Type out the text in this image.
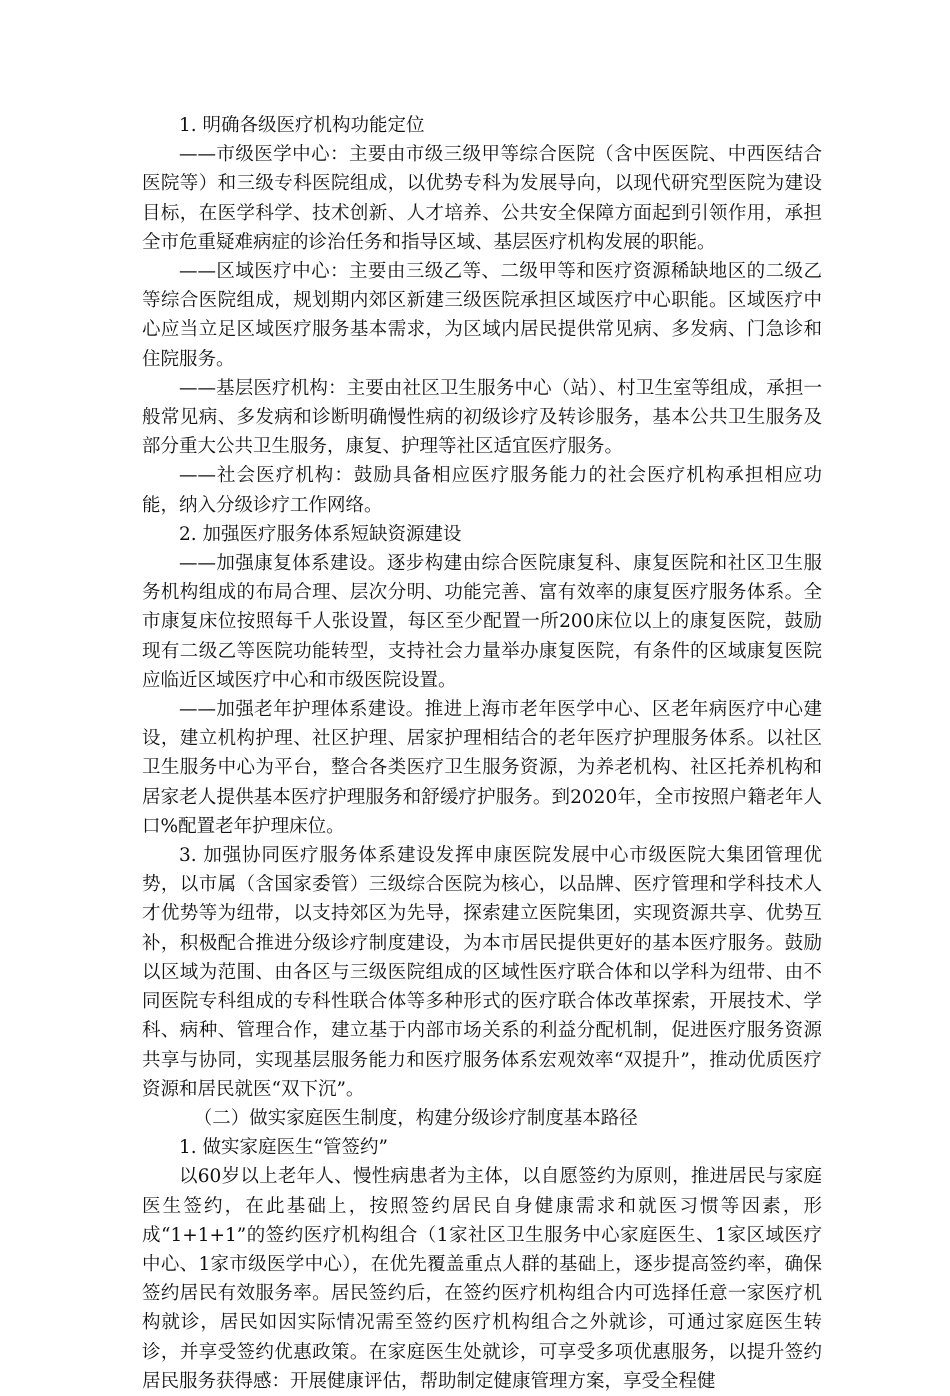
1. 明确各级医疗机构功能定位

——市级医学中心：主要由市级三级甲等综合医院（含中医医院、中西医结合医院等）和三级专科医院组成，以优势专科为发展导向，以现代研究型医院为建设目标，在医学科学、技术创新、人才培养、公共安全保障方面起到引领作用，承担全市危重疑难病症的诊治任务和指导区域、基层医疗机构发展的职能。

——区域医疗中心：主要由三级乙等、二级甲等和医疗资源稀缺地区的二级乙等综合医院组成，规划期内郊区新建三级医院承担区域医疗中心职能。区域医疗中心应当立足区域医疗服务基本需求，为区域内居民提供常见病、多发病、门急诊和住院服务。

——基层医疗机构：主要由社区卫生服务中心（站）、村卫生室等组成，承担一般常见病、多发病和诊断明确慢性病的初级诊疗及转诊服务，基本公共卫生服务及部分重大公共卫生服务，康复、护理等社区适宜医疗服务。

——社会医疗机构：鼓励具备相应医疗服务能力的社会医疗机构承担相应功能，纳入分级诊疗工作网络。

2. 加强医疗服务体系短缺资源建设

——加强康复体系建设。逐步构建由综合医院康复科、康复医院和社区卫生服务机构组成的布局合理、层次分明、功能完善、富有效率的康复医疗服务体系。全市康复床位按照每千人张设置，每区至少配置一所200床位以上的康复医院，鼓励现有二级乙等医院功能转型，支持社会力量举办康复医院，有条件的区域康复医院应临近区域医疗中心和市级医院设置。

——加强老年护理体系建设。推进上海市老年医学中心、区老年病医疗中心建设，建立机构护理、社区护理、居家护理相结合的老年医疗护理服务体系。以社区卫生服务中心为平台，整合各类医疗卫生服务资源，为养老机构、社区托养机构和居家老人提供基本医疗护理服务和舒缓疗护服务。到2020年，全市按照户籍老年人口%配置老年护理床位。

3. 加强协同医疗服务体系建设发挥申康医院发展中心市级医院大集团管理优势，以市属（含国家委管）三级综合医院为核心，以品牌、医疗管理和学科技术人才优势等为纽带，以支持郊区为先导，探索建立医院集团，实现资源共享、优势互补，积极配合推进分级诊疗制度建设，为本市居民提供更好的基本医疗服务。鼓励以区域为范围、由各区与三级医院组成的区域性医疗联合体和以学科为纽带、由不同医院专科组成的专科性联合体等多种形式的医疗联合体改革探索，开展技术、学科、病种、管理合作，建立基于内部市场关系的利益分配机制，促进医疗服务资源共享与协同，实现基层服务能力和医疗服务体系宏观效率“双提升”，推动优质医疗资源和居民就医“双下沉”。

（二）做实家庭医生制度，构建分级诊疗制度基本路径

1. 做实家庭医生“管签约”

以60岁以上老年人、慢性病患者为主体，以自愿签约为原则，推进居民与家庭医生签约，在此基础上，按照签约居民自身健康需求和就医习惯等因素，形成“1+1+1”的签约医疗机构组合（1家社区卫生服务中心家庭医生、1家区域医疗中心、1家市级医学中心），在优先覆盖重点人群的基础上，逐步提高签约率，确保签约居民有效服务率。居民签约后，在签约医疗机构组合内可选择任意一家医疗机构就诊，居民如因实际情况需至签约医疗机构组合之外就诊，可通过家庭医生转诊，并享受签约优惠政策。在家庭医生处就诊，可享受多项优惠服务，以提升签约居民服务获得感：开展健康评估，帮助制定健康管理方案，享受全程健
